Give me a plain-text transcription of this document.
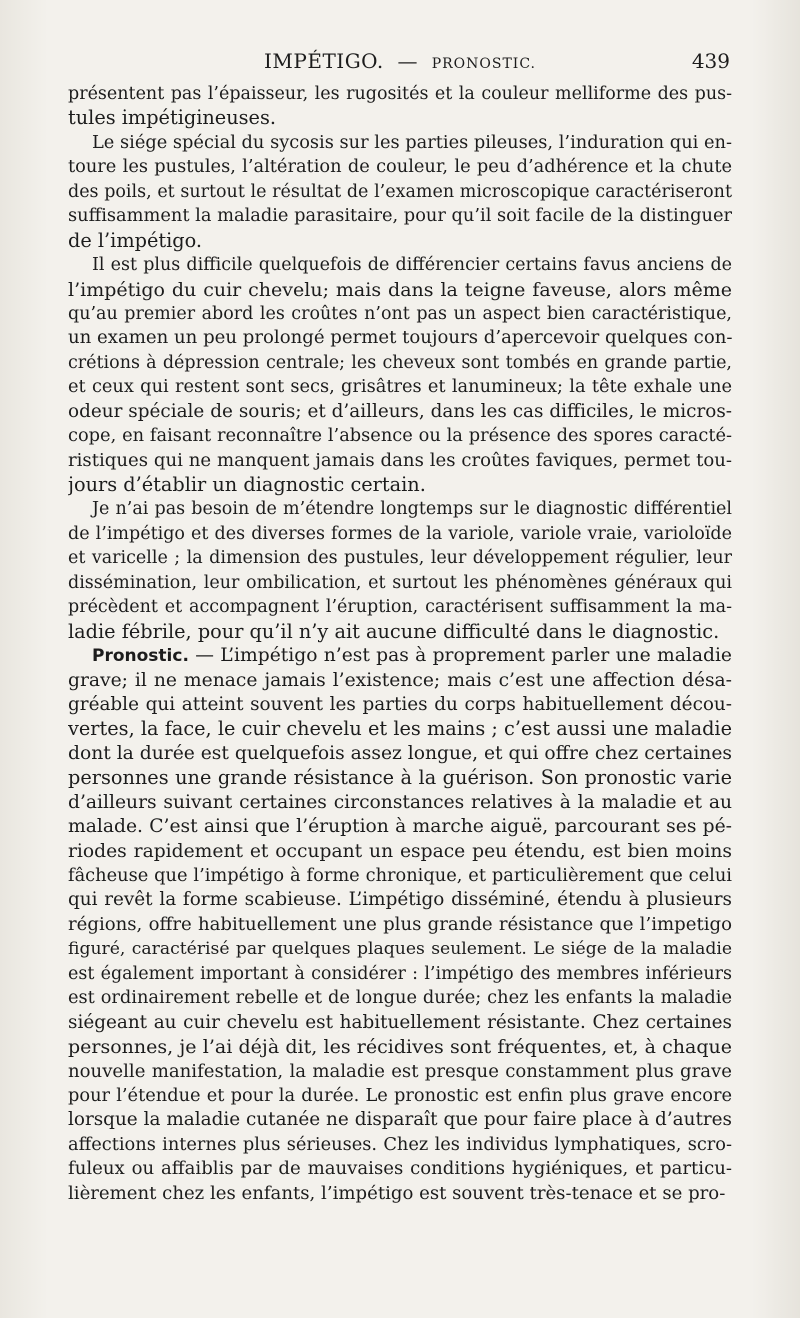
IMPÉTIGO. — PRONOSTIC.	439

présentent pas l’épaisseur, les rugosités et la couleur melliforme des pus-
tules impétigineuses.

Le siége spécial du sycosis sur les parties pileuses, l’induration qui en-
toure les pustules, l’altération de couleur, le peu d’adhérence et la chute
des poils, et surtout le résultat de l’examen microscopique caractériseront
suffisamment la maladie parasitaire, pour qu’il soit facile de la distinguer
de l’impétigo.

Il est plus difficile quelquefois de différencier certains favus anciens de
l’impétigo du cuir chevelu; mais dans la teigne faveuse, alors même
qu’au premier abord les croûtes n’ont pas un aspect bien caractéristique,
un examen un peu prolongé permet toujours d’apercevoir quelques con-
crétions à dépression centrale; les cheveux sont tombés en grande partie,
et ceux qui restent sont secs, grisâtres et lanumineux; la tête exhale une
odeur spéciale de souris; et d’ailleurs, dans les cas difficiles, le micros-
cope, en faisant reconnaître l’absence ou la présence des spores caracté-
ristiques qui ne manquent jamais dans les croûtes faviques, permet tou-
jours d’établir un diagnostic certain.

Je n’ai pas besoin de m’étendre longtemps sur le diagnostic différentiel
de l’impétigo et des diverses formes de la variole, variole vraie, varioloïde
et varicelle ; la dimension des pustules, leur développement régulier, leur
dissémination, leur ombilication, et surtout les phénomènes généraux qui
précèdent et accompagnent l’éruption, caractérisent suffisamment la ma-
ladie fébrile, pour qu’il n’y ait aucune difficulté dans le diagnostic.

Pronostic. — L’impétigo n’est pas à proprement parler une maladie
grave; il ne menace jamais l’existence; mais c’est une affection désa-
gréable qui atteint souvent les parties du corps habituellement décou-
vertes, la face, le cuir chevelu et les mains ; c’est aussi une maladie
dont la durée est quelquefois assez longue, et qui offre chez certaines
personnes une grande résistance à la guérison. Son pronostic varie
d’ailleurs suivant certaines circonstances relatives à la maladie et au
malade. C’est ainsi que l’éruption à marche aiguë, parcourant ses pé-
riodes rapidement et occupant un espace peu étendu, est bien moins
fâcheuse que l’impétigo à forme chronique, et particulièrement que celui
qui revêt la forme scabieuse. L’impétigo disséminé, étendu à plusieurs
régions, offre habituellement une plus grande résistance que l’impetigo
figuré, caractérisé par quelques plaques seulement. Le siége de la maladie
est également important à considérer : l’impétigo des membres inférieurs
est ordinairement rebelle et de longue durée; chez les enfants la maladie
siégeant au cuir chevelu est habituellement résistante. Chez certaines
personnes, je l’ai déjà dit, les récidives sont fréquentes, et, à chaque
nouvelle manifestation, la maladie est presque constamment plus grave
pour l’étendue et pour la durée. Le pronostic est enfin plus grave encore
lorsque la maladie cutanée ne disparaît que pour faire place à d’autres
affections internes plus sérieuses. Chez les individus lymphatiques, scro-
fuleux ou affaiblis par de mauvaises conditions hygiéniques, et particu-
lièrement chez les enfants, l’impétigo est souvent très-tenace et se pro-
